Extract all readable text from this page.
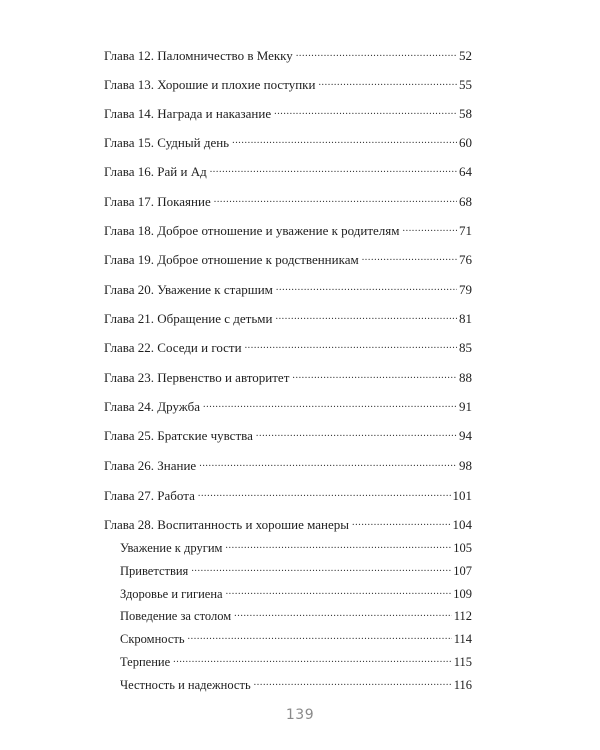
Глава 12. Паломничество в Мекку .....	52
Глава 13. Хорошие и плохие поступки .....	55
Глава 14. Награда и наказание .....	58
Глава 15. Судный день .....	60
Глава 16. Рай и Ад .....	64
Глава 17. Покаяние .....	68
Глава 18. Доброе отношение и уважение к родителям .....	71
Глава 19. Доброе отношение к родственникам .....	76
Глава 20. Уважение к старшим .....	79
Глава 21. Обращение с детьми .....	81
Глава 22. Соседи и гости .....	85
Глава 23. Первенство и авторитет .....	88
Глава 24. Дружба .....	91
Глава 25. Братские чувства .....	94
Глава 26. Знание .....	98
Глава 27. Работа .....	101
Глава 28. Воспитанность и хорошие манеры .....	104
Уважение к другим .....	105
Приветствия .....	107
Здоровье и гигиена .....	109
Поведение за столом .....	112
Скромность .....	114
Терпение .....	115
Честность и надежность .....	116
139
